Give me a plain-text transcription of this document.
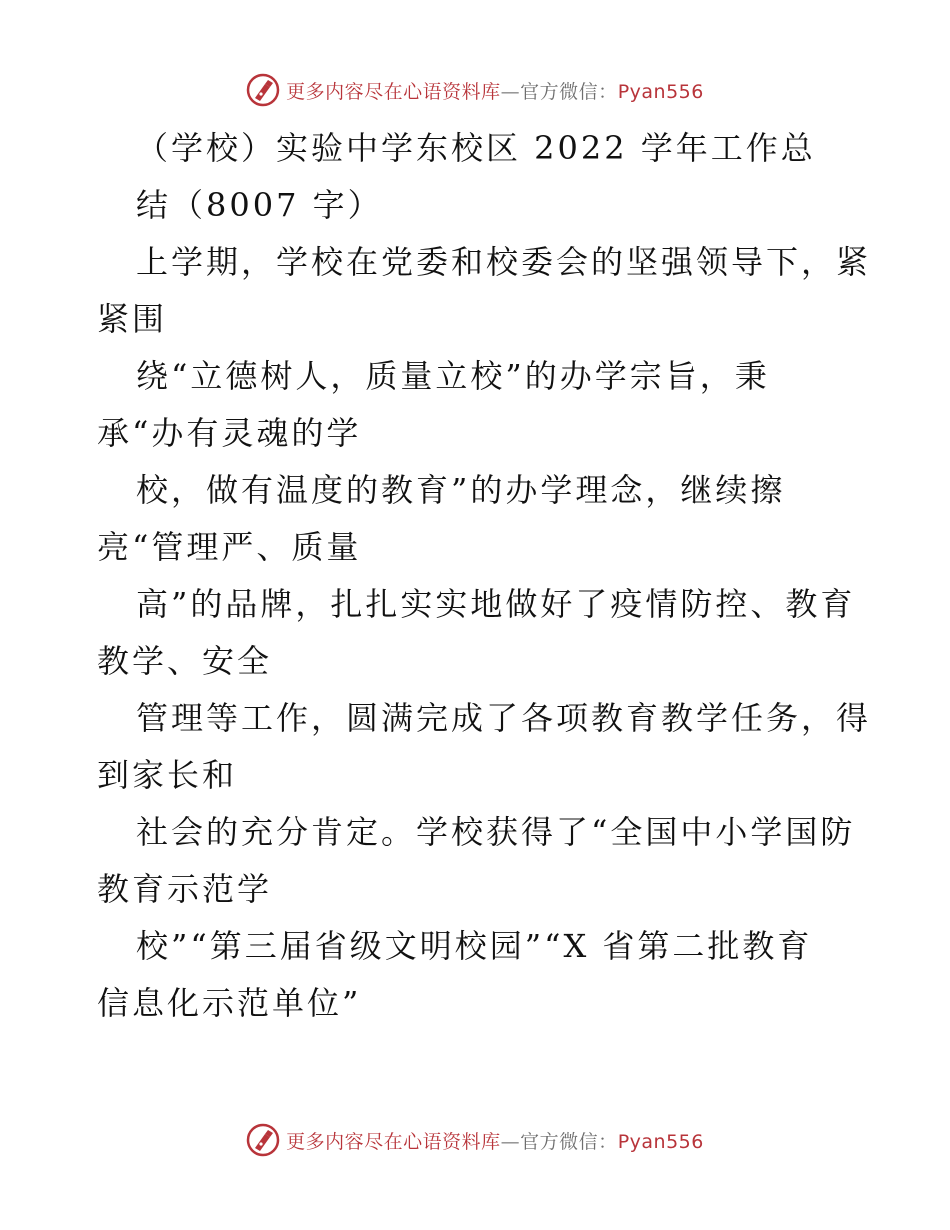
更多内容尽在心语资料库—官方微信：Pyan556
（学校）实验中学东校区 2022 学年工作总
结（8007 字）
上学期，学校在党委和校委会的坚强领导下，紧
紧围
绕“立德树人，质量立校”的办学宗旨，秉
承“办有灵魂的学
校，做有温度的教育”的办学理念，继续擦
亮“管理严、质量
高”的品牌，扎扎实实地做好了疫情防控、教育
教学、安全
管理等工作，圆满完成了各项教育教学任务，得
到家长和
社会的充分肯定。学校获得了“全国中小学国防
教育示范学
校”“第三届省级文明校园”“X 省第二批教育
信息化示范单位”
更多内容尽在心语资料库—官方微信：Pyan556
